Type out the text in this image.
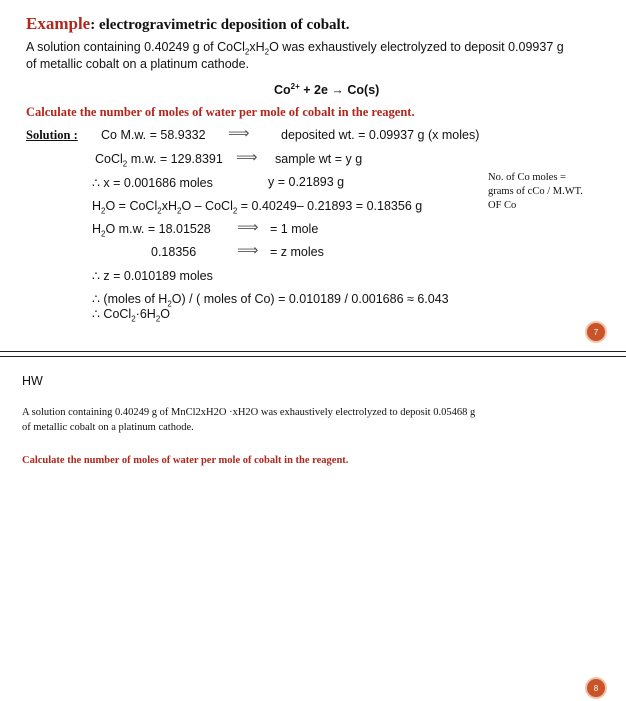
Example: electrogravimetric deposition of cobalt.
A solution containing 0.40249 g of $CoCl_2xH_2O$ was exhaustively electrolyzed to deposit 0.09937 g
of metallic cobalt on a platinum cathode.
$Co^{2+} + 2e \to Co(s)$
Calculate the number of moles of water per mole of cobalt in the reagent.
Solution : Co M.w. = 58.9332 ⟹	deposited wt. = 0.09937 g (x moles)
CoCl$_2$ m.w. = 129.8391 ⟹ sample wt = y g
∴ x = 0.001686 moles	y = 0.21893 g	No. of Co moles =
grams of cCo / M.WT.
OF Co
$H_2O$ = $CoCl_2xH_2O$ – CoCl$_2$ = 0.40249– 0.21893 = 0.18356 g
$H_2O$ m.w. = 18.01528 ⟹ = 1 mole
0.18356	⟹ = z moles
∴ z = 0.010189 moles
∴ (moles of $H_2O$) / ( moles of Co) = 0.010189 / 0.001686 ≈ 6.043
∴ $CoCl_2\cdot 6H_2O$
7
HW
A solution containing 0.40249 g of MnCl2xH2O ·xH2O was exhaustively electrolyzed to deposit 0.05468 g
of metallic cobalt on a platinum cathode.
Calculate the number of moles of water per mole of cobalt in the reagent.
8
